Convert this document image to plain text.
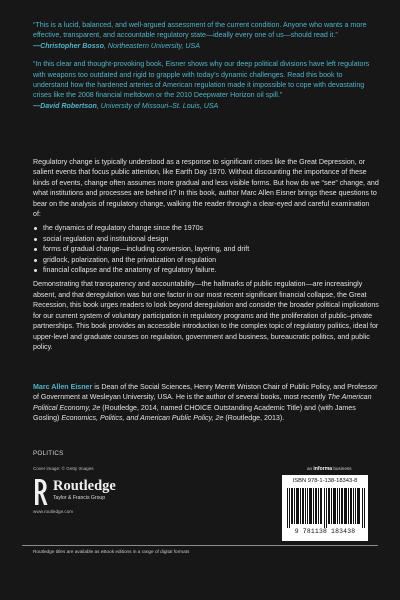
“This is a lucid, balanced, and well-argued assessment of the current condition. Anyone who wants a more effective, transparent, and accountable regulatory state—ideally every one of us—should read it.”
—Christopher Bosso, Northeastern University, USA
“In this clear and thought-provoking book, Eisner shows why our deep political divisions have left regulators with weapons too outdated and rigid to grapple with today’s dynamic challenges. Read this book to understand how the hardened arteries of American regulation made it impossible to cope with devastating crises like the 2008 financial meltdown or the 2010 Deepwater Horizon oil spill.”
—David Robertson, University of Missouri–St. Louis, USA

Regulatory change is typically understood as a response to significant crises like the Great Depression, or salient events that focus public attention, like Earth Day 1970. Without discounting the importance of these kinds of events, change often assumes more gradual and less visible forms. But how do we “see” change, and what institutions and processes are behind it? In this book, author Marc Allen Eisner brings these questions to bear on the analysis of regulatory change, walking the reader through a clear-eyed and careful examination of:

the dynamics of regulatory change since the 1970s
social regulation and institutional design
forms of gradual change—including conversion, layering, and drift
gridlock, polarization, and the privatization of regulation
financial collapse and the anatomy of regulatory failure.

Demonstrating that transparency and accountability—the hallmarks of public regulation—are increasingly absent, and that deregulation was but one factor in our most recent significant financial collapse, the Great Recession, this book urges readers to look beyond deregulation and consider the broader political implications for our current system of voluntary participation in regulatory programs and the proliferation of public–private partnerships. This book provides an accessible introduction to the complex topic of regulatory politics, ideal for upper-level and graduate courses on regulation, government and business, bureaucratic politics, and public policy.

Marc Allen Eisner is Dean of the Social Sciences, Henry Merritt Wriston Chair of Public Policy, and Professor of Government at Wesleyan University, USA. He is the author of several books, most recently The American Political Economy, 2e (Routledge, 2014, named CHOICE Outstanding Academic Title) and (with James Gosling) Economics, Politics, and American Public Policy, 2e (Routledge, 2013).
POLITICS
Cover image: © Getty Images
Routledge
Taylor & Francis Group
www.routledge.com
an informa business
ISBN 978-1-138-18343-8
9 781138 183438
Routledge titles are available as eBook editions in a range of digital formats
